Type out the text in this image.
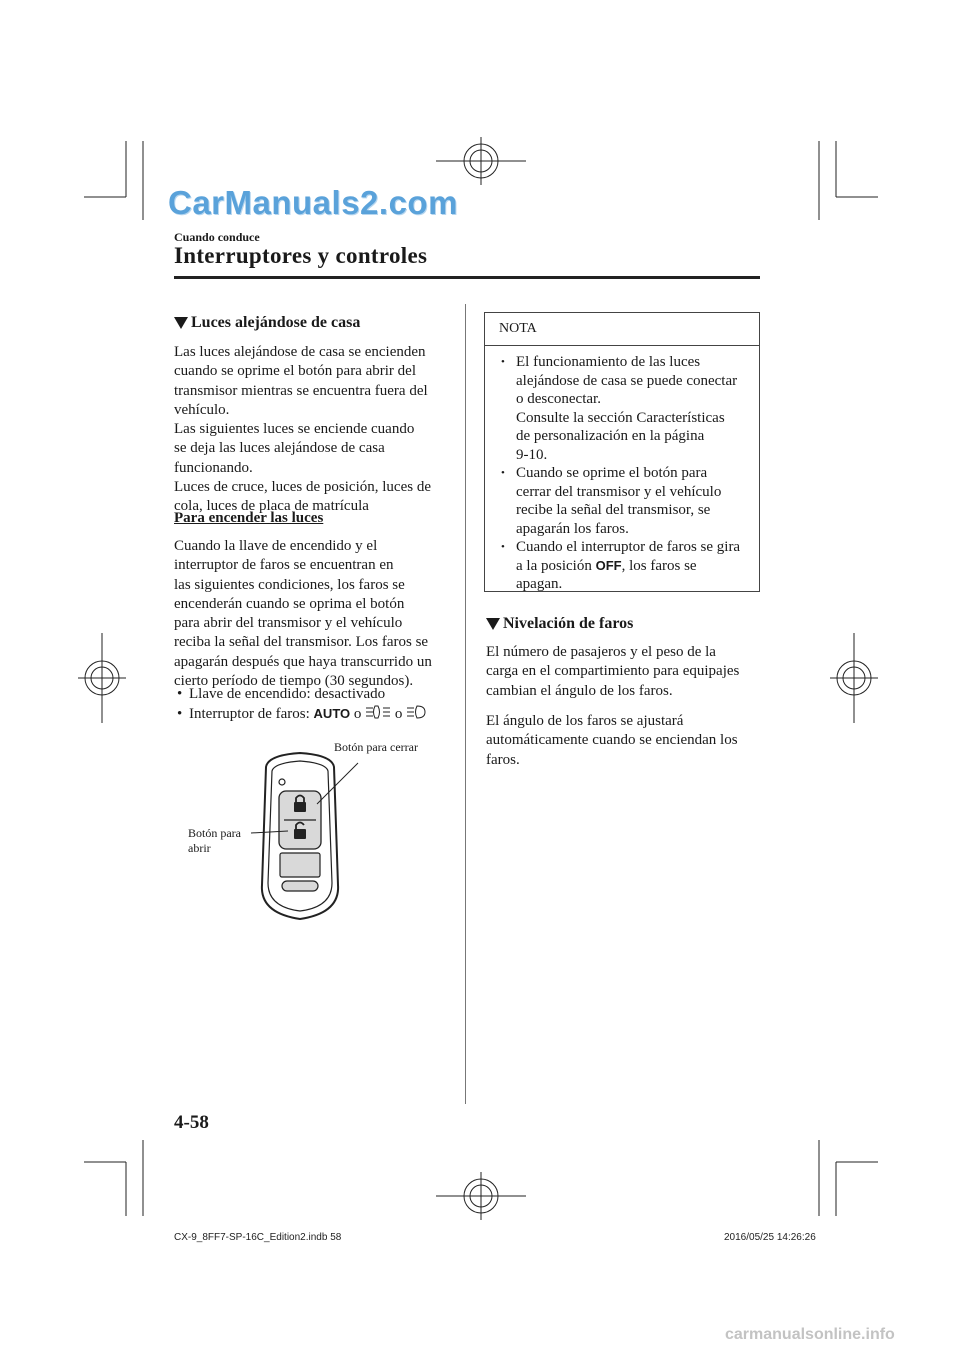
CarManuals2.com
Cuando conduce
Interruptores y controles
Luces alejándose de casa

Las luces alejándose de casa se encienden

cuando se oprime el botón para abrir del

transmisor mientras se encuentra fuera del

vehículo.

Las siguientes luces se enciende cuando

se deja las luces alejándose de casa

funcionando.

Luces de cruce, luces de posición, luces de

cola, luces de placa de matrícula

Para encender las luces

Cuando la llave de encendido y el

interruptor de faros se encuentran en

las siguientes condiciones, los faros se

encenderán cuando se oprima el botón

para abrir del transmisor y el vehículo

reciba la señal del transmisor. Los faros se

apagarán después que haya transcurrido un

cierto período de tiempo (30 segundos).

• Llave de encendido: desactivado
• Interruptor de faros: AUTO o o
Botón para cerrar
Botón para
abrir
NOTA
• El funcionamiento de las luces
alejándose de casa se puede conectar
o desconectar.
Consulte la sección Características
de personalización en la página
9-10.
• Cuando se oprime el botón para
cerrar del transmisor y el vehículo
recibe la señal del transmisor, se
apagarán los faros.
• Cuando el interruptor de faros se gira
a la posición OFF, los faros se
apagan.
Nivelación de faros

El número de pasajeros y el peso de la

carga en el compartimiento para equipajes

cambian el ángulo de los faros.

El ángulo de los faros se ajustará

automáticamente cuando se enciendan los

faros.

4-58
CX-9_8FF7-SP-16C_Edition2.indb 58	2016/05/25 14:26:26
carmanualsonline.info
